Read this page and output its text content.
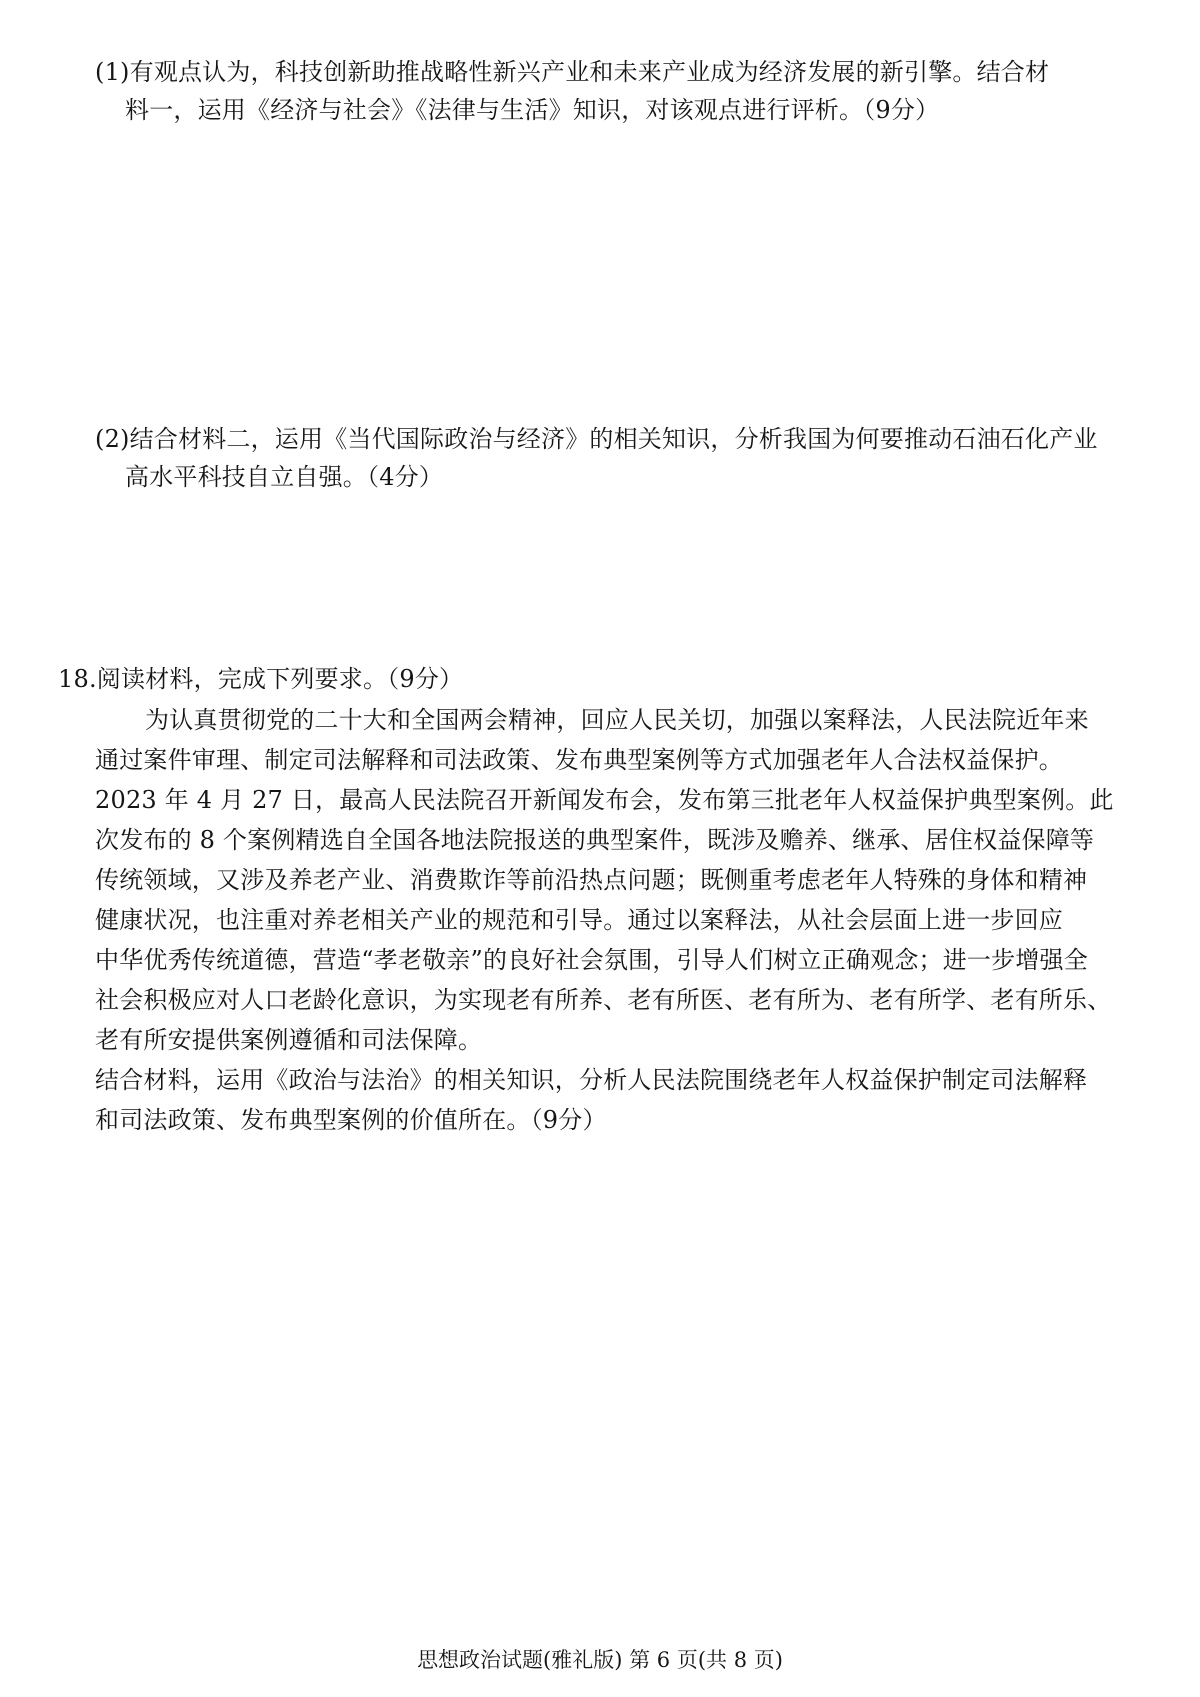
(1)有观点认为，科技创新助推战略性新兴产业和未来产业成为经济发展的新引擎。结合材
料一，运用《经济与社会》《法律与生活》知识，对该观点进行评析。（9分）
(2)结合材料二，运用《当代国际政治与经济》的相关知识，分析我国为何要推动石油石化产业
高水平科技自立自强。（4分）
18.阅读材料，完成下列要求。（9分）
为认真贯彻党的二十大和全国两会精神，回应人民关切，加强以案释法，人民法院近年来
通过案件审理、制定司法解释和司法政策、发布典型案例等方式加强老年人合法权益保护。
2023 年 4 月 27 日，最高人民法院召开新闻发布会，发布第三批老年人权益保护典型案例。此
次发布的 8 个案例精选自全国各地法院报送的典型案件，既涉及赡养、继承、居住权益保障等
传统领域，又涉及养老产业、消费欺诈等前沿热点问题；既侧重考虑老年人特殊的身体和精神
健康状况，也注重对养老相关产业的规范和引导。通过以案释法，从社会层面上进一步回应
中华优秀传统道德，营造“孝老敬亲”的良好社会氛围，引导人们树立正确观念；进一步增强全
社会积极应对人口老龄化意识，为实现老有所养、老有所医、老有所为、老有所学、老有所乐、
老有所安提供案例遵循和司法保障。
结合材料，运用《政治与法治》的相关知识，分析人民法院围绕老年人权益保护制定司法解释
和司法政策、发布典型案例的价值所在。（9分）
思想政治试题(雅礼版) 第 6 页(共 8 页)
